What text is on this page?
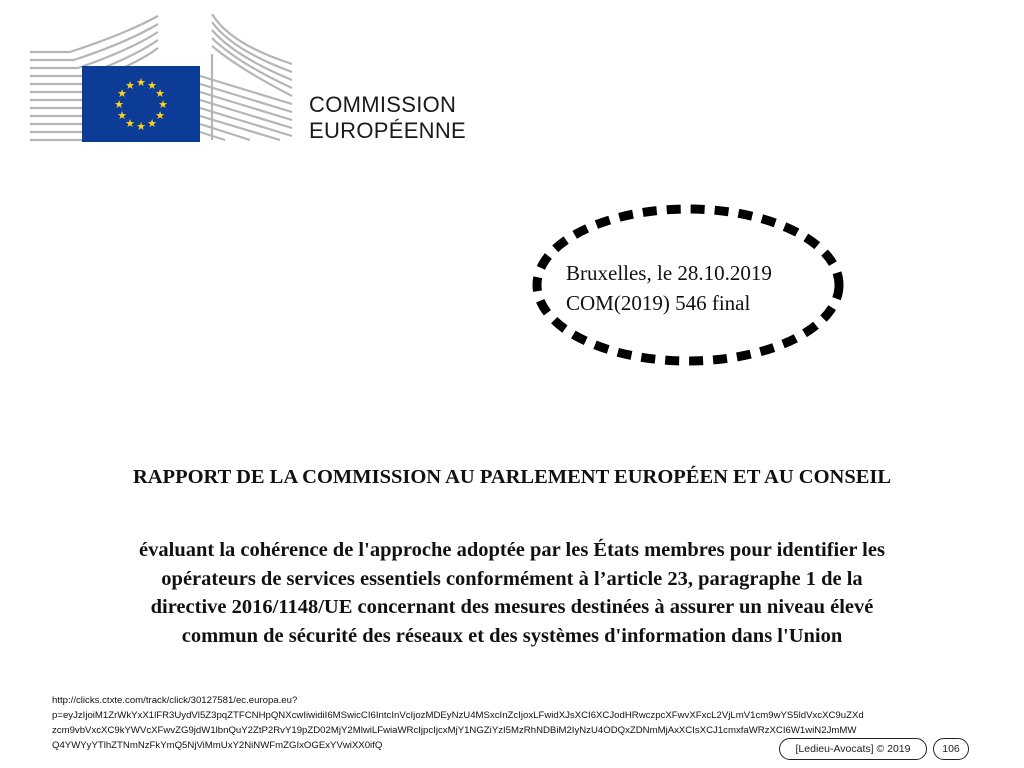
★ ★
★
★
★
★
★
★
★
★
★
★
COMMISSION
EUROPÉENNE
Bruxelles, le 28.10.2019
COM(2019) 546 final
RAPPORT DE LA COMMISSION AU PARLEMENT EUROPÉEN ET AU CONSEIL
évaluant la cohérence de l'approche adoptée par les États membres pour identifier les
opérateurs de services essentiels conformément à l’article 23, paragraphe 1 de la
directive 2016/1148/UE concernant des mesures destinées à assurer un niveau élevé
commun de sécurité des réseaux et des systèmes d'information dans l'Union
http://clicks.ctxte.com/track/click/30127581/ec.europa.eu?
p=eyJzIjoiM1ZrWkYxX1lFR3UydVl5Z3pqZTFCNHpQNXcwIiwidiI6MSwicCI6IntcInVcIjozMDEyNzU4MSxcInZcIjoxLFwidXJsXCI6XCJodHRwczpcXFwvXFxcL2VjLmV1cm9wYS5ldVxcXC9uZXd
zcm9vbVxcXC9kYWVcXFwvZG9jdW1lbnQuY2ZtP2RvY19pZD02MjY2MlwiLFwiaWRcIjpcIjcxMjY1NGZiYzI5MzRhNDBiM2IyNzU4ODQxZDNmMjAxXCIsXCJ1cmxfaWRzXCI6W1wiN2JmMW
Q4YWYyYTlhZTNmNzFkYmQ5NjViMmUxY2NiNWFmZGIxOGExYVwiXX0ifQ	[Ledieu-Avocats] © 2019	106
